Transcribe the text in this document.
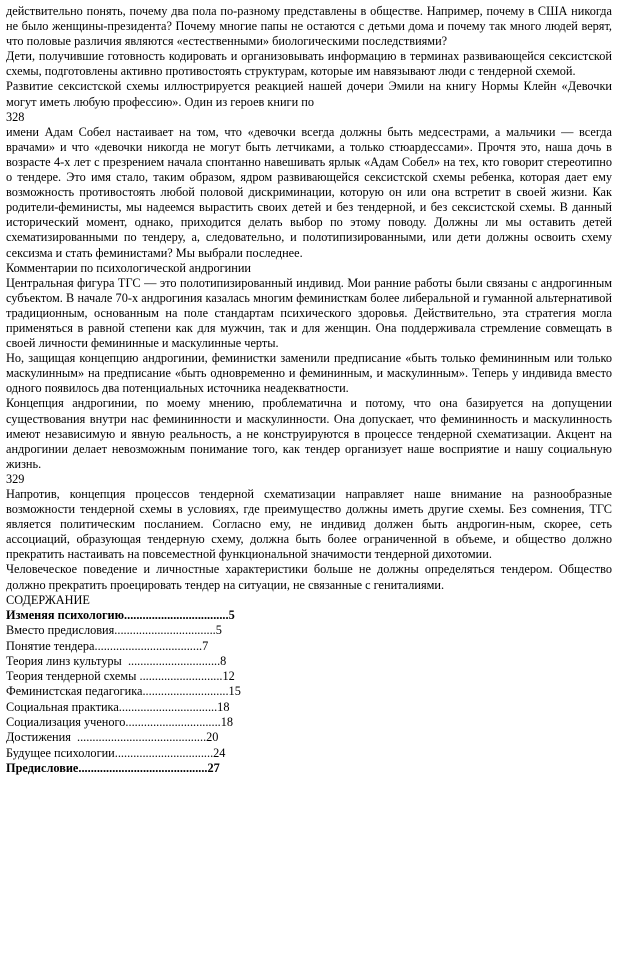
действительно понять, почему два пола по-разному представлены в обществе. Например, почему в США никогда не было женщины-президента? Почему многие папы не остаются с детьми дома и почему так много людей верят, что половые различия являются «естественными» биологическими последствиями?

Дети, получившие готовность кодировать и организовывать информацию в терминах развивающейся сексистской схемы, подготовлены активно противостоять структурам, которые им навязывают люди с тендерной схемой.

Развитие сексистской схемы иллюстрируется реакцией нашей дочери Эмили на книгу Нормы Клейн «Девочки могут иметь любую профессию». Один из героев книги по

328

имени Адам Собел настаивает на том, что «девочки всегда должны быть медсестрами, а мальчики — всегда врачами» и что «девочки никогда не могут быть летчиками, а только стюардессами». Прочтя это, наша дочь в возрасте 4-х лет с презрением начала спонтанно навешивать ярлык «Адам Собел» на тех, кто говорит стереотипно о тендере. Это имя стало, таким образом, ядром развивающейся сексистской схемы ребенка, которая дает ему возможность противостоять любой половой дискриминации, которую он или она встретит в своей жизни. Как родители-феминисты, мы надеемся вырастить своих детей и без тендерной, и без сексистской схемы. В данный исторический момент, однако, приходится делать выбор по этому поводу. Должны ли мы оставить детей схематизированными по тендеру, а, следовательно, и полотипизированными, или дети должны освоить схему сексизма и стать феминистами? Мы выбрали последнее.

Комментарии по психологической андрогинии

Центральная фигура ТГС — это полотипизированный индивид. Мои ранние работы были связаны с андрогинным субъектом. В начале 70-х андрогиния казалась многим феминисткам более либеральной и гуманной альтернативой традиционным, основанным на поле стандартам психического здоровья. Действительно, эта стратегия могла применяться в равной степени как для мужчин, так и для женщин. Она поддерживала стремление совмещать в своей личности фемининные и маскулинные черты.

Но, защищая концепцию андрогинии, феминистки заменили предписание «быть только фемининным или только маскулинным» на предписание «быть одновременно и фемининным, и маскулинным». Теперь у индивида вместо одного появилось два потенциальных источника неадекватности.

Концепция андрогинии, по моему мнению, проблематична и потому, что она базируется на допущении существования внутри нас фемининности и маскулинности. Она допускает, что фемининность и маскулинность имеют независимую и явную реальность, а не конструируются в процессе тендерной схематизации. Акцент на андрогинии делает невозможным понимание того, как тендер организует наше восприятие и нашу социальную жизнь.

329

Напротив, концепция процессов тендерной схематизации направляет наше внимание на разнообразные возможности тендерной схемы в условиях, где преимущество должны иметь другие схемы. Без сомнения, ТГС является политическим посланием. Согласно ему, не индивид должен быть андрогин-ным, скорее, сеть ассоциаций, образующая тендерную схему, должна быть более ограниченной в объеме, и общество должно прекратить настаивать на повсеместной функциональной значимости тендерной дихотомии.

Человеческое поведение и личностные характеристики больше не должны определяться тендером. Общество должно прекратить проецировать тендер на ситуации, не связанные с гениталиями.

СОДЕРЖАНИЕ

Изменяя психологию..................................5
Вместо предисловия.................................5
Понятие тендера...................................7
Теория линз культуры  ..............................8
Теория тендерной схемы ...........................12
Феминистская педагогика............................15
Социальная практика................................18
Социализация ученого...............................18
Достижения  ..........................................20
Будущее психологии................................24
Предисловие..........................................27
